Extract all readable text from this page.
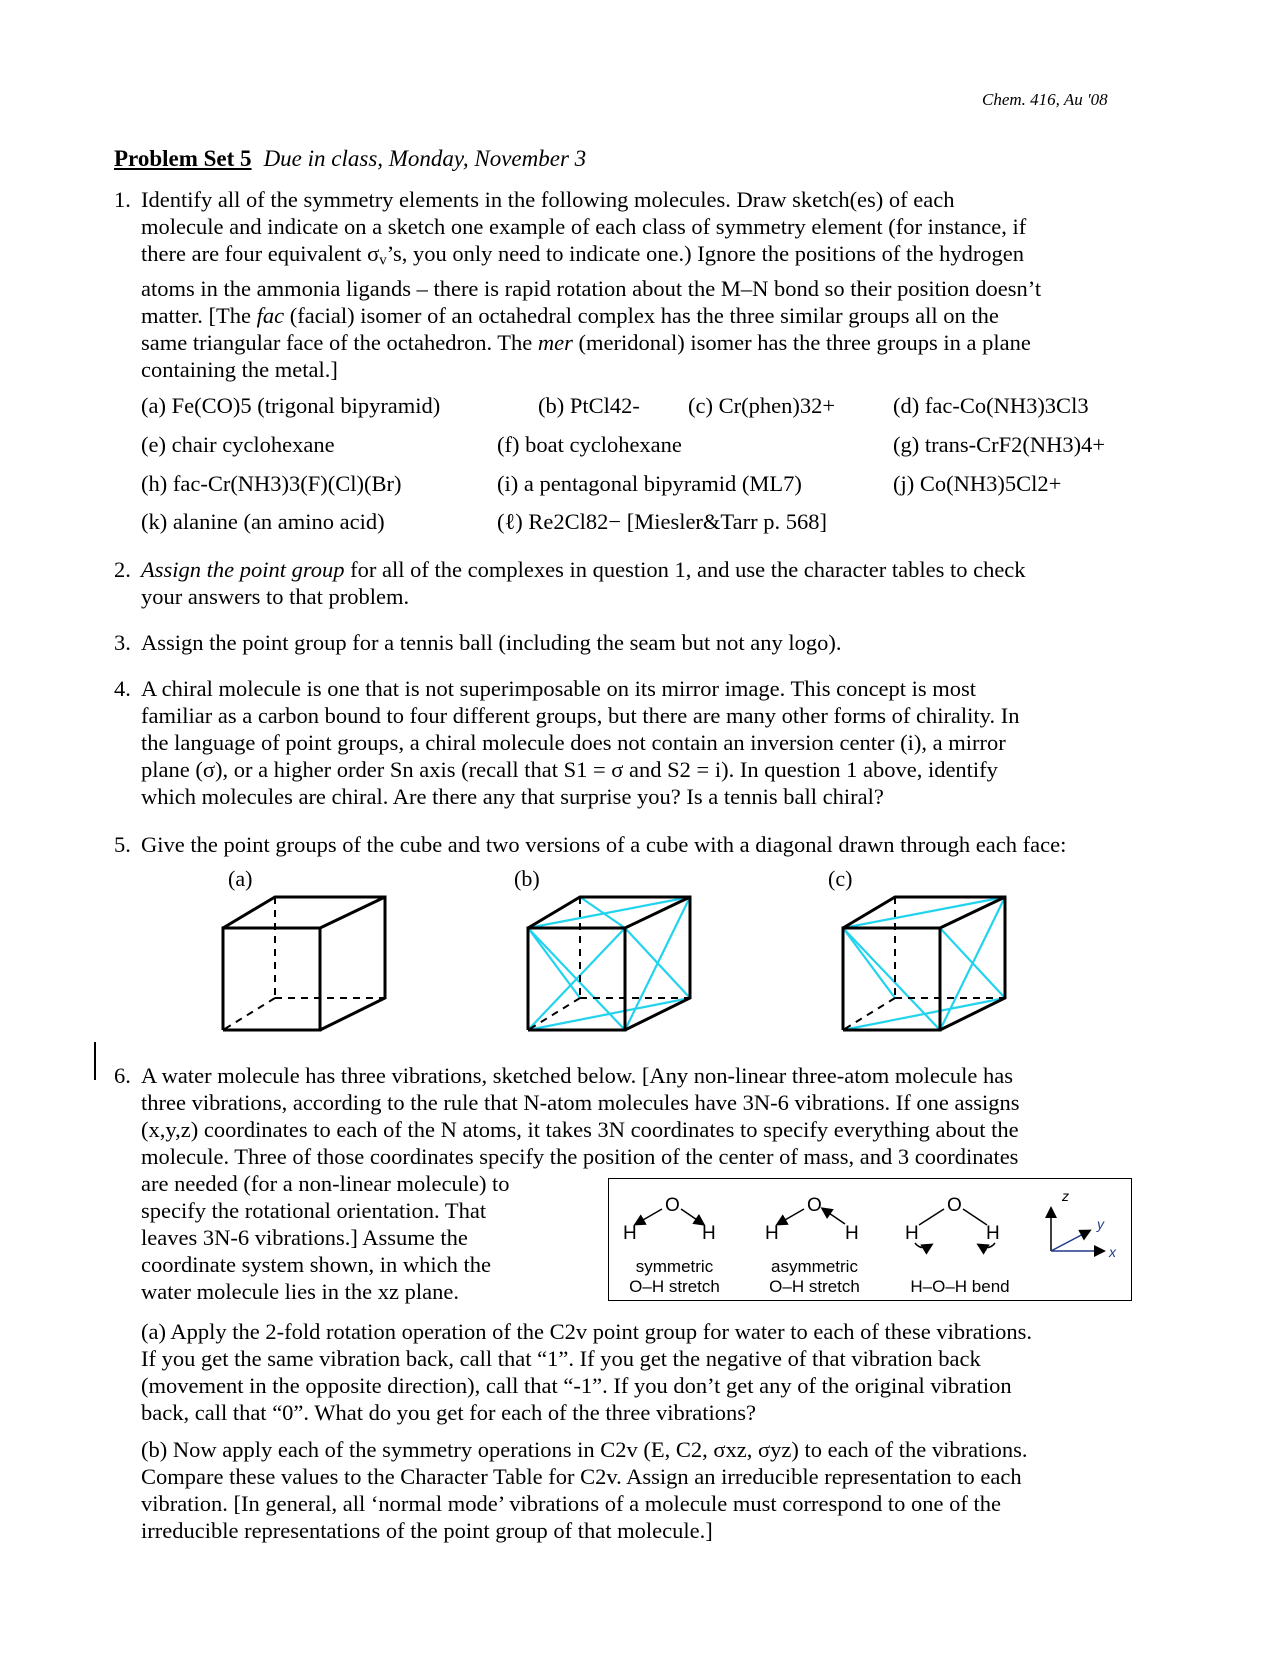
Chem. 416, Au '08
Problem Set 5 Due in class, Monday, November 3
1. Identify all of the symmetry elements in the following molecules. Draw sketch(es) of each
molecule and indicate on a sketch one example of each class of symmetry element (for instance, if
there are four equivalent $\sigma_v’s$, you only need to indicate one.) Ignore the positions of the hydrogen
atoms in the ammonia ligands – there is rapid rotation about the M–N bond so their position doesn’t
matter. [The fac (facial) isomer of an octahedral complex has the three similar groups all on the
same triangular face of the octahedron. The mer (meridonal) isomer has the three groups in a plane
containing the metal.]
(a) Fe(CO)5 (trigonal bipyramid)	(b) PtCl42- (c) Cr(phen)32+	(d) fac-Co(NH3)3Cl3
(e) chair cyclohexane	(f) boat cyclohexane	(g) trans-CrF2(NH3)4+
(h) fac-Cr(NH3)3(F)(Cl)(Br)	(i) a pentagonal bipyramid (ML7)	(j) Co(NH3)5Cl2+
(k) alanine (an amino acid)	(ℓ) Re2Cl82− [Miesler&Tarr p. 568]
2. Assign the point group for all of the complexes in question 1, and use the character tables to check
your answers to that problem.
3. Assign the point group for a tennis ball (including the seam but not any logo).
4. A chiral molecule is one that is not superimposable on its mirror image. This concept is most
familiar as a carbon bound to four different groups, but there are many other forms of chirality. In
the language of point groups, a chiral molecule does not contain an inversion center (i), a mirror
plane (σ), or a higher order Sn axis (recall that S1 = σ and S2 = i). In question 1 above, identify
which molecules are chiral. Are there any that surprise you? Is a tennis ball chiral?
5. Give the point groups of the cube and two versions of a cube with a diagonal drawn through each face:
(a)	(b)	(c)
6. A water molecule has three vibrations, sketched below. [Any non-linear three-atom molecule has
three vibrations, according to the rule that N-atom molecules have 3N-6 vibrations. If one assigns
(x,y,z) coordinates to each of the N atoms, it takes 3N coordinates to specify everything about the
molecule. Three of those coordinates specify the position of the center of mass, and 3 coordinates
are needed (for a non-linear molecule) to
specify the rotational orientation. That
leaves 3N-6 vibrations.] Assume the
coordinate system shown, in which the
water molecule lies in the xz plane.
O
H	H
O
H	H
O
H	H
z
y
x
symmetric
O–H stretch
asymmetric
O–H stretch	H–O–H bend
(a) Apply the 2-fold rotation operation of the C2v point group for water to each of these vibrations.
If you get the same vibration back, call that “1”. If you get the negative of that vibration back
(movement in the opposite direction), call that “-1”. If you don’t get any of the original vibration
back, call that “0”. What do you get for each of the three vibrations?
(b) Now apply each of the symmetry operations in C2v (E, C2, σxz, σyz) to each of the vibrations.
Compare these values to the Character Table for C2v. Assign an irreducible representation to each
vibration. [In general, all ‘normal mode’ vibrations of a molecule must correspond to one of the
irreducible representations of the point group of that molecule.]
